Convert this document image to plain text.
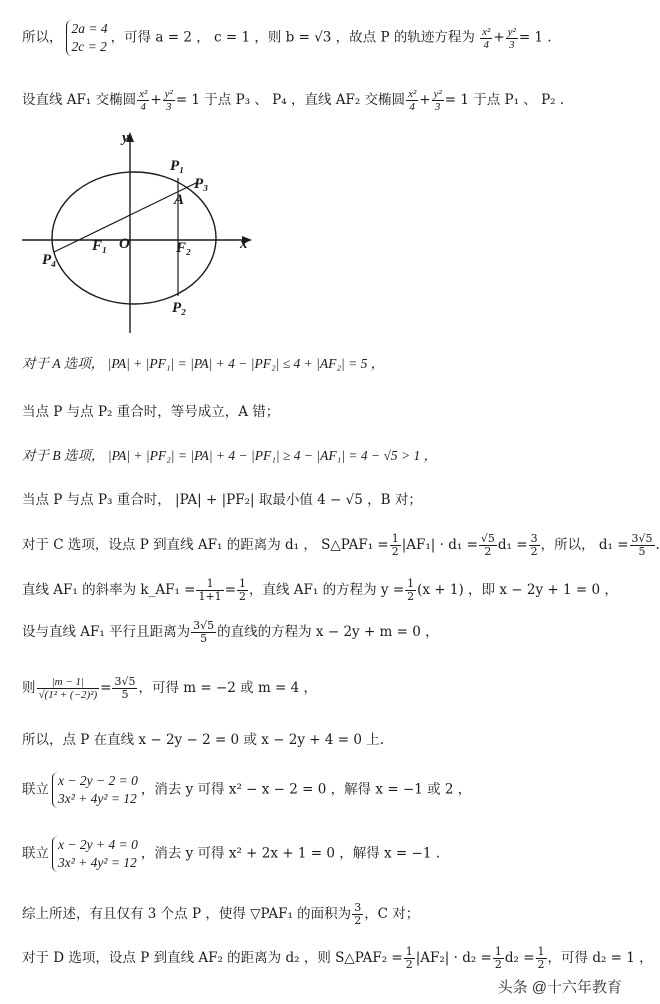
所以，2a = 4
2c = 2，可得 a = 2 ， c = 1 ，则 b = √3 ，故点 P 的轨迹方程为 $\frac{\text{x²}}{4} + \frac{\text{y²}}{3} = 1$ .
设直线 AF₁ 交椭圆 $\frac{\text{x²}}{4} + \frac{\text{y²}}{3} = 1$ 于点 P₃ 、 P₄ ，直线 AF₂ 交椭圆 $\frac{\text{x²}}{4} + \frac{\text{y²}}{3} = 1$ 于点 P₁ 、 P₂ .
x
y
O
F₁	F₂
A
P₁
P₃
P₂
P₄
对于 A 选项， |PA| + |PF₁| = |PA| + 4 − |PF₂| ≤ 4 + |AF₂| = 5 ，
当点 P 与点 P₂ 重合时，等号成立，A 错；
对于 B 选项， |PA| + |PF₂| = |PA| + 4 − |PF₁| ≥ 4 − |AF₁| = 4 − √5 > 1 ，
当点 P 与点 P₃ 重合时， |PA| + |PF₂| 取最小值 4 − √5 ，B 对；
对于 C 选项，设点 P 到直线 AF₁ 的距离为 d₁ ， S△PAF₁ = $\frac{1}{2} |AF_1| \cdot d_1 = \frac{√5}{2} d_1 = \frac{3}{2}$ ，所以， $d_1 = \frac{3√5}{5}$ .
直线 AF₁ 的斜率为 k_AF₁ = $\frac{1}{1+1} = \frac{1}{2}$ ，直线 AF₁ 的方程为 $y = \frac{1}{2} (x + 1)$ ，即 x − 2y + 1 = 0 ，
设与直线 AF₁ 平行且距离为 $\frac{3√5}{5}$ 的直线的方程为 x − 2y + m = 0 ，
则 $\frac{|m - 1|}{\text{√(1² + (−2)²)}} = \frac{3√5}{5}$ ，可得 m = −2 或 m = 4 ，
所以，点 P 在直线 x − 2y − 2 = 0 或 x − 2y + 4 = 0 上.
联立x − 2y − 2 = 0
3x² + 4y² = 12，消去 y 可得 x² − x − 2 = 0 ，解得 x = −1 或 2 ，
联立x − 2y + 4 = 0
3x² + 4y² = 12，消去 y 可得 x² + 2x + 1 = 0 ，解得 x = −1 .
综上所述，有且仅有 3 个点 P ，使得 ▽PAF₁ 的面积为 $\frac{3}{2}$ ，C 对；
对于 D 选项，设点 P 到直线 AF₂ 的距离为 d₂ ，则 S△PAF₂ = $\frac{1}{2} |AF_2| \cdot d_2 = \frac{1}{2} d_2 = \frac{1}{2}$ ，可得 d₂ = 1 ，
头条 @十六年教育
